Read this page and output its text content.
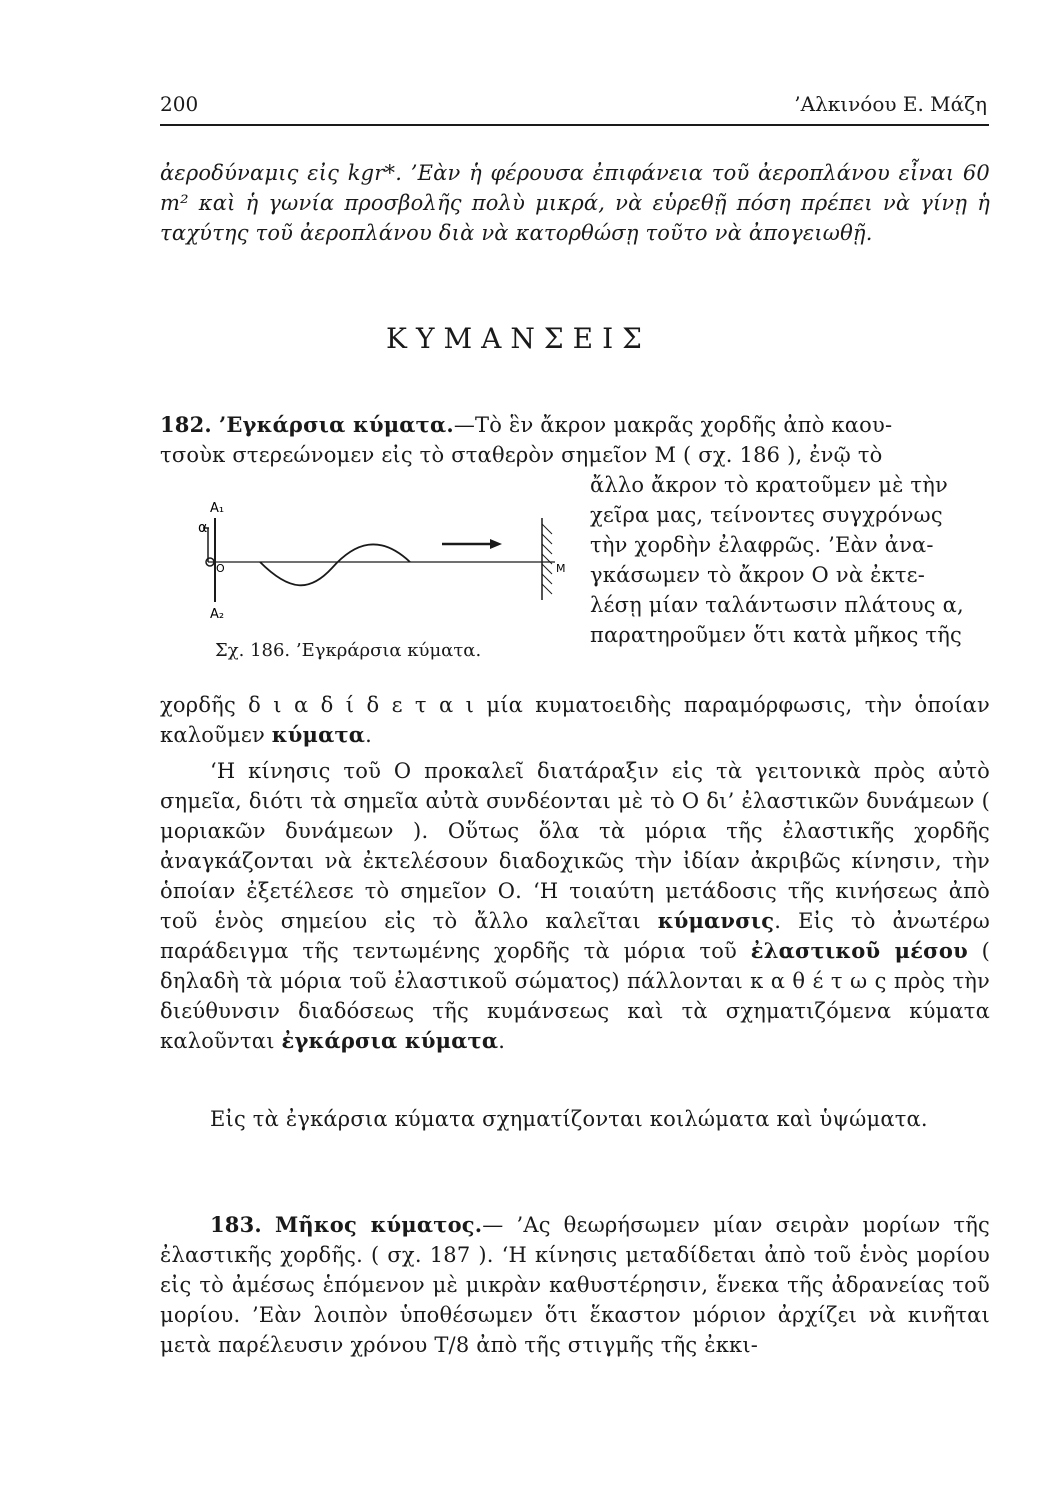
200	’Αλκινόου Ε. Μάζη
ἀεροδύναμις εἰς kgr*. ’Εὰν ἡ φέρουσα ἐπιφάνεια τοῦ ἀεροπλάνου εἶναι 60 m² καὶ ἡ γωνία προσβολῆς πολὺ μικρά, νὰ εὑρεθῇ πόση πρέπει νὰ γίνῃ ἡ ταχύτης τοῦ ἀεροπλάνου διὰ νὰ κατορθώσῃ τοῦτο νὰ ἀπογειωθῇ.
ΚΥΜΑΝΣΕΙΣ
182. ’Εγκάρσια κύματα.—Τὸ ἓν ἄκρον μακρᾶς χορδῆς ἀπὸ καου-
τσοὺκ στερεώνομεν εἰς τὸ σταθερὸν σημεῖον Μ ( σχ. 186 ), ἐνῷ τὸ
ἄλλο ἄκρον τὸ κρατοῦμεν μὲ τὴν
χεῖρα μας, τείνοντες συγχρόνως
τὴν χορδὴν ἐλαφρῶς. ’Εὰν ἀνα-
γκάσωμεν τὸ ἄκρον Ο νὰ ἐκτε-
λέσῃ μίαν ταλάντωσιν πλάτους α,
παρατηροῦμεν ὅτι κατὰ μῆκος τῆς
α
A₁
A₂
O	M
Σχ. 186. ’Εγκράρσια κύματα.
χορδῆς δ ι α δ ί δ ε τ α ι μία κυματοειδὴς παραμόρφωσις, τὴν ὁποίαν καλοῦμεν κύματα.
‘Η κίνησις τοῦ Ο προκαλεῖ διατάραξιν εἰς τὰ γειτονικὰ πρὸς αὐτὸ σημεῖα, διότι τὰ σημεῖα αὐτὰ συνδέονται μὲ τὸ Ο δι’ ἐλαστικῶν δυνάμεων ( μοριακῶν δυνάμεων ). Οὕτως ὅλα τὰ μόρια τῆς ἐλαστικῆς χορδῆς ἀναγκάζονται νὰ ἐκτελέσουν διαδοχικῶς τὴν ἰδίαν ἀκριβῶς κίνησιν, τὴν ὁποίαν ἐξετέλεσε τὸ σημεῖον Ο. ‘Η τοιαύτη μετάδοσις τῆς κινήσεως ἀπὸ τοῦ ἑνὸς σημείου εἰς τὸ ἄλλο καλεῖται κύμανσις. Εἰς τὸ ἀνωτέρω παράδειγμα τῆς τεντωμένης χορδῆς τὰ μόρια τοῦ ἐλαστικοῦ μέσου ( δηλαδὴ τὰ μόρια τοῦ ἐλαστικοῦ σώματος) πάλλονται κ α θ έ τ ω ς πρὸς τὴν διεύθυνσιν διαδόσεως τῆς κυμάνσεως καὶ τὰ σχηματιζόμενα κύματα καλοῦνται ἐγκάρσια κύματα.
Εἰς τὰ ἐγκάρσια κύματα σχηματίζονται κοιλώματα καὶ ὑψώματα.
183. Μῆκος κύματος.— ’Ας θεωρήσωμεν μίαν σειρὰν μορίων τῆς ἐλαστικῆς χορδῆς. ( σχ. 187 ). ‘Η κίνησις μεταδίδεται ἀπὸ τοῦ ἑνὸς μορίου εἰς τὸ ἀμέσως ἑπόμενον μὲ μικρὰν καθυστέρησιν, ἕνεκα τῆς ἀδρανείας τοῦ μορίου. ’Εὰν λοιπὸν ὑποθέσωμεν ὅτι ἕκαστον μόριον ἀρχίζει νὰ κινῆται μετὰ παρέλευσιν χρόνου Τ/8 ἀπὸ τῆς στιγμῆς τῆς ἐκκι-
